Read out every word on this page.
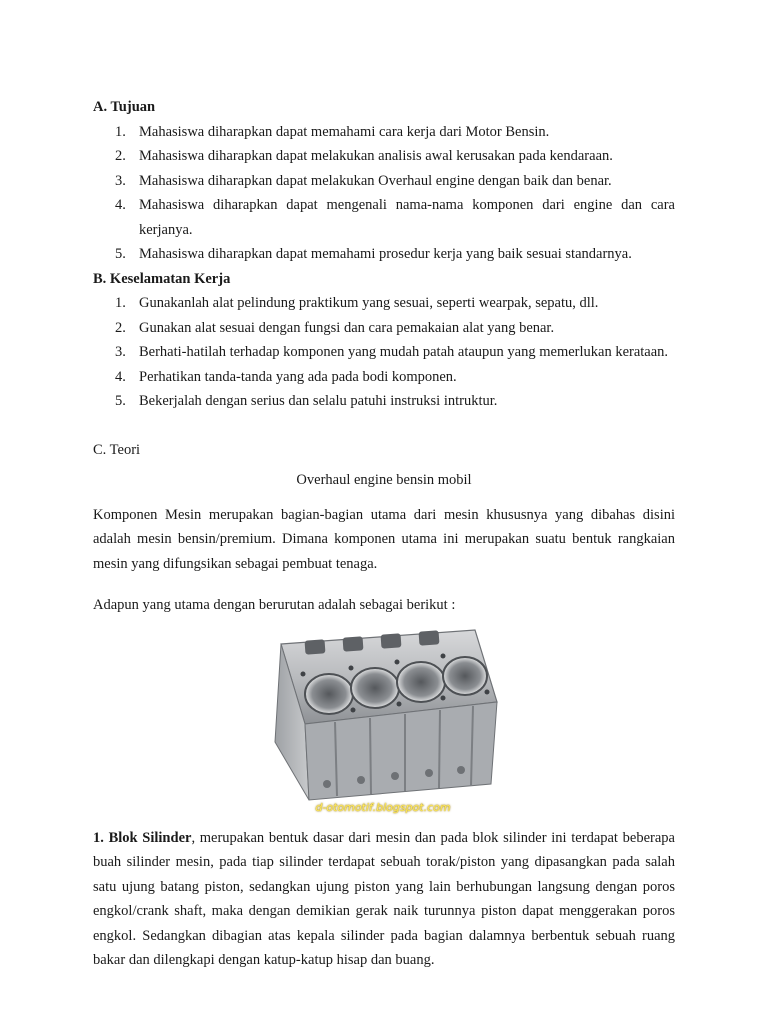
A. Tujuan

1. Mahasiswa diharapkan dapat memahami cara kerja dari Motor Bensin.
2. Mahasiswa diharapkan dapat melakukan analisis awal kerusakan pada kendaraan.
3. Mahasiswa diharapkan dapat melakukan Overhaul engine dengan baik dan benar.
4. Mahasiswa diharapkan dapat mengenali nama-nama komponen dari engine dan cara kerjanya.
5. Mahasiswa diharapkan dapat memahami prosedur kerja yang baik sesuai standarnya.

B. Keselamatan Kerja

1. Gunakanlah alat pelindung praktikum yang sesuai, seperti wearpak, sepatu, dll.
2. Gunakan alat sesuai dengan fungsi dan cara pemakaian alat yang benar.
3. Berhati-hatilah terhadap komponen yang mudah patah ataupun yang memerlukan kerataan.
4. Perhatikan tanda-tanda yang ada pada bodi komponen.
5. Bekerjalah dengan serius dan selalu patuhi instruksi intruktur.

C. Teori

Overhaul engine bensin mobil

Komponen Mesin merupakan bagian-bagian utama dari mesin khususnya yang dibahas disini adalah mesin bensin/premium. Dimana komponen utama ini merupakan suatu bentuk rangkaian mesin yang difungsikan sebagai pembuat tenaga.

Adapun yang utama dengan berurutan adalah sebagai berikut :

d-otomotif.blogspot.com

1. Blok Silinder, merupakan bentuk dasar dari mesin dan pada blok silinder ini terdapat beberapa buah silinder mesin, pada tiap silinder terdapat sebuah torak/piston yang dipasangkan pada salah satu ujung batang piston, sedangkan ujung piston yang lain berhubungan langsung dengan poros engkol/crank shaft, maka dengan demikian gerak naik turunnya piston dapat menggerakan poros engkol. Sedangkan dibagian atas kepala silinder pada bagian dalamnya berbentuk sebuah ruang bakar dan dilengkapi dengan katup-katup hisap dan buang.
